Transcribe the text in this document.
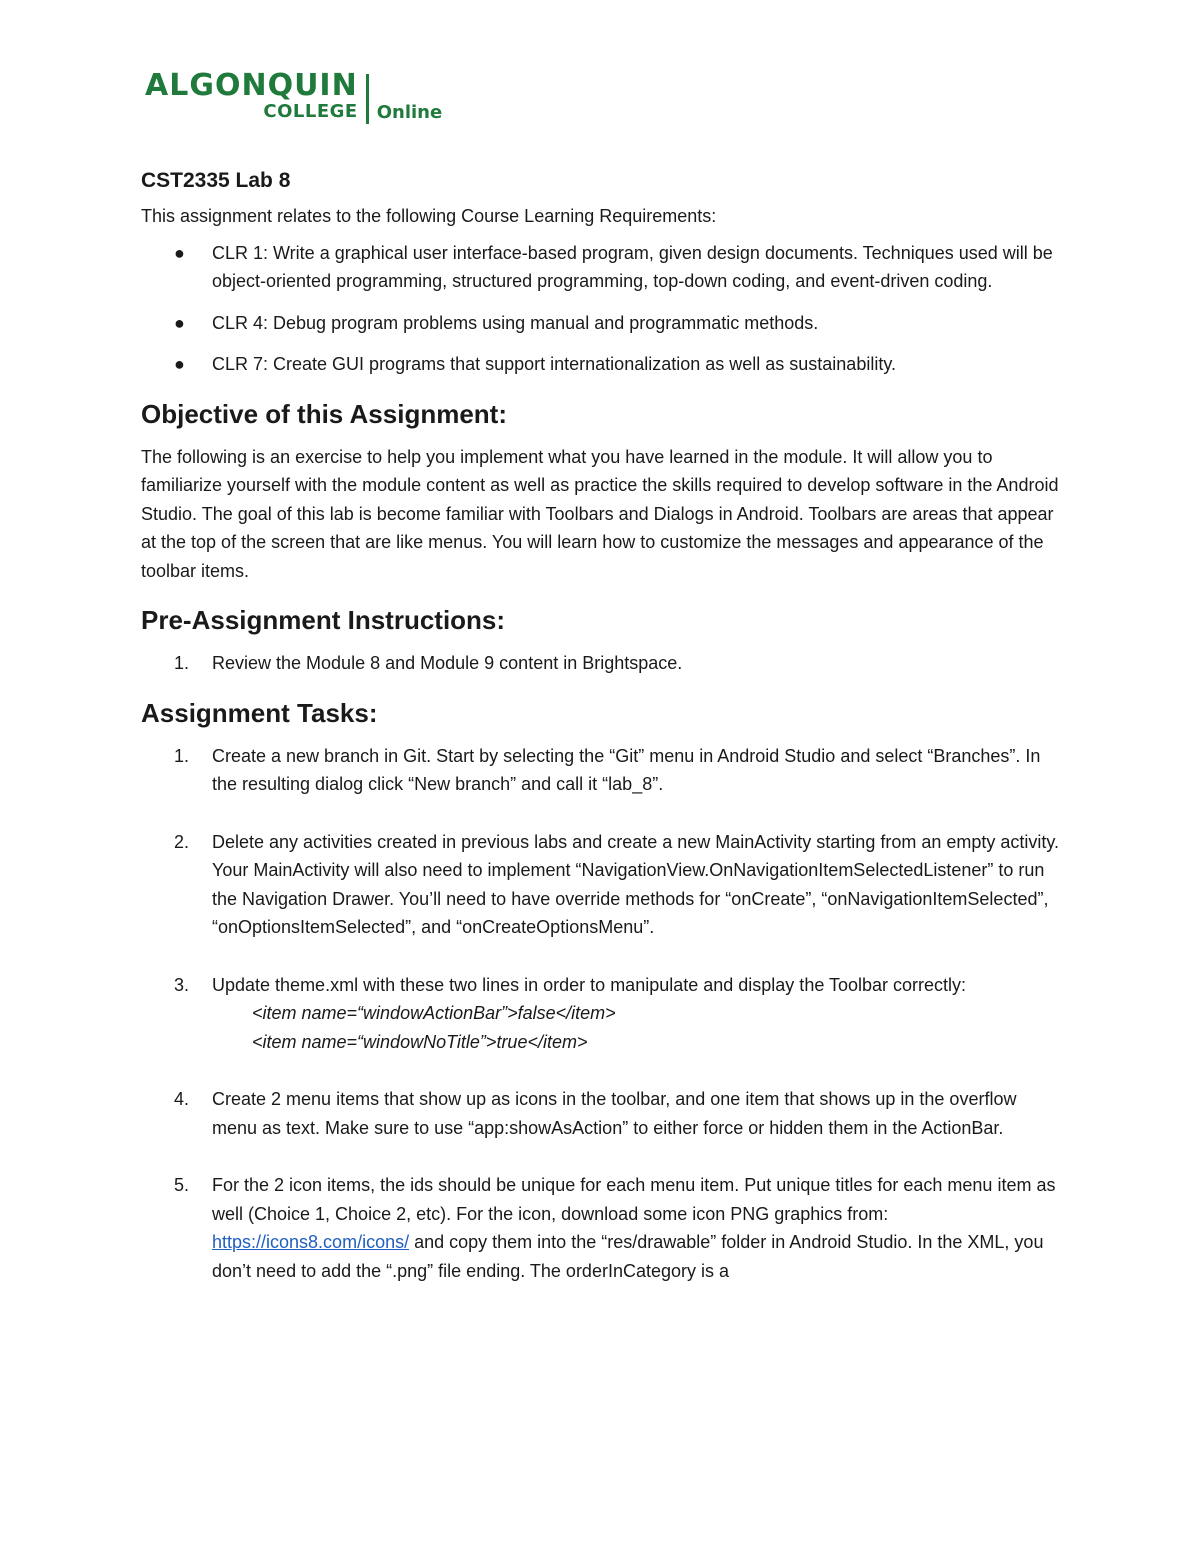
ALGONQUIN
COLLEGE Online
CST2335 Lab 8

This assignment relates to the following Course Learning Requirements:

● CLR 1: Write a graphical user interface-based program, given design documents. Techniques used will be object-oriented programming, structured programming, top-down coding, and event-driven coding.
● CLR 4: Debug program problems using manual and programmatic methods.
● CLR 7: Create GUI programs that support internationalization as well as sustainability.
Objective of this Assignment:

The following is an exercise to help you implement what you have learned in the module. It will allow you to familiarize yourself with the module content as well as practice the skills required to develop software in the Android Studio. The goal of this lab is become familiar with Toolbars and Dialogs in Android. Toolbars are areas that appear at the top of the screen that are like menus. You will learn how to customize the messages and appearance of the toolbar items.

Pre-Assignment Instructions:
1. Review the Module 8 and Module 9 content in Brightspace.
Assignment Tasks:
1. Create a new branch in Git. Start by selecting the “Git” menu in Android Studio and select “Branches”. In the resulting dialog click “New branch” and call it “lab_8”.
2. Delete any activities created in previous labs and create a new MainActivity starting from an empty activity. Your MainActivity will also need to implement “NavigationView.OnNavigationItemSelectedListener” to run the Navigation Drawer. You’ll need to have override methods for “onCreate”, “onNavigationItemSelected”, “onOptionsItemSelected”, and “onCreateOptionsMenu”.
3. Update theme.xml with these two lines in order to manipulate and display the Toolbar correctly:
<item name=“windowActionBar”>false</item>
<item name=“windowNoTitle”>true</item>
4. Create 2 menu items that show up as icons in the toolbar, and one item that shows up in the overflow menu as text. Make sure to use “app:showAsAction” to either force or hidden them in the ActionBar.
5. For the 2 icon items, the ids should be unique for each menu item. Put unique titles for each menu item as well (Choice 1, Choice 2, etc). For the icon, download some icon PNG graphics from: https://icons8.com/icons/ and copy them into the “res/drawable” folder in Android Studio. In the XML, you don’t need to add the “.png” file ending. The orderInCategory is a
